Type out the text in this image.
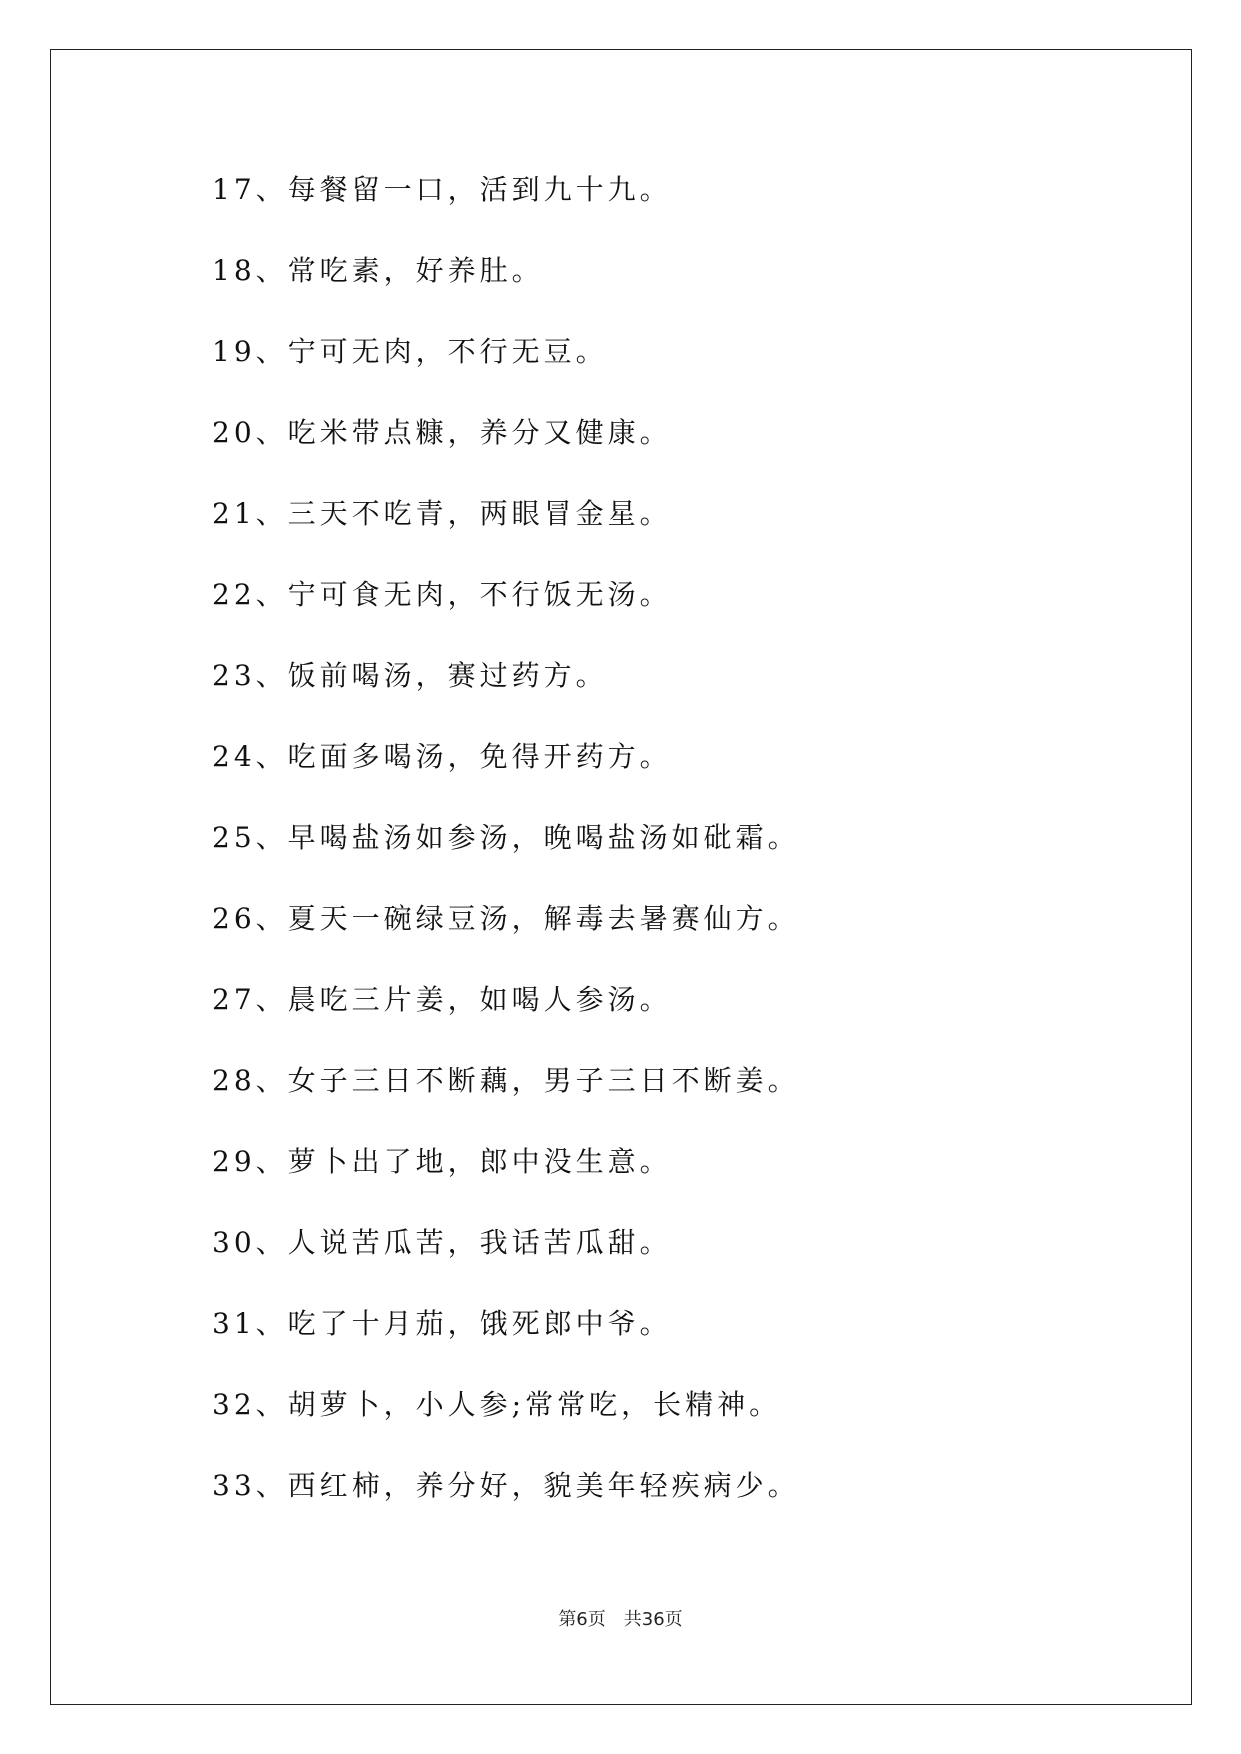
17、每餐留一口，活到九十九。
18、常吃素，好养肚。
19、宁可无肉，不行无豆。
20、吃米带点糠，养分又健康。
21、三天不吃青，两眼冒金星。
22、宁可食无肉，不行饭无汤。
23、饭前喝汤，赛过药方。
24、吃面多喝汤，免得开药方。
25、早喝盐汤如参汤，晚喝盐汤如砒霜。
26、夏天一碗绿豆汤，解毒去暑赛仙方。
27、晨吃三片姜，如喝人参汤。
28、女子三日不断藕，男子三日不断姜。
29、萝卜出了地，郎中没生意。
30、人说苦瓜苦，我话苦瓜甜。
31、吃了十月茄，饿死郎中爷。
32、胡萝卜，小人参;常常吃，长精神。
33、西红柿，养分好，貌美年轻疾病少。
第6页 共36页
